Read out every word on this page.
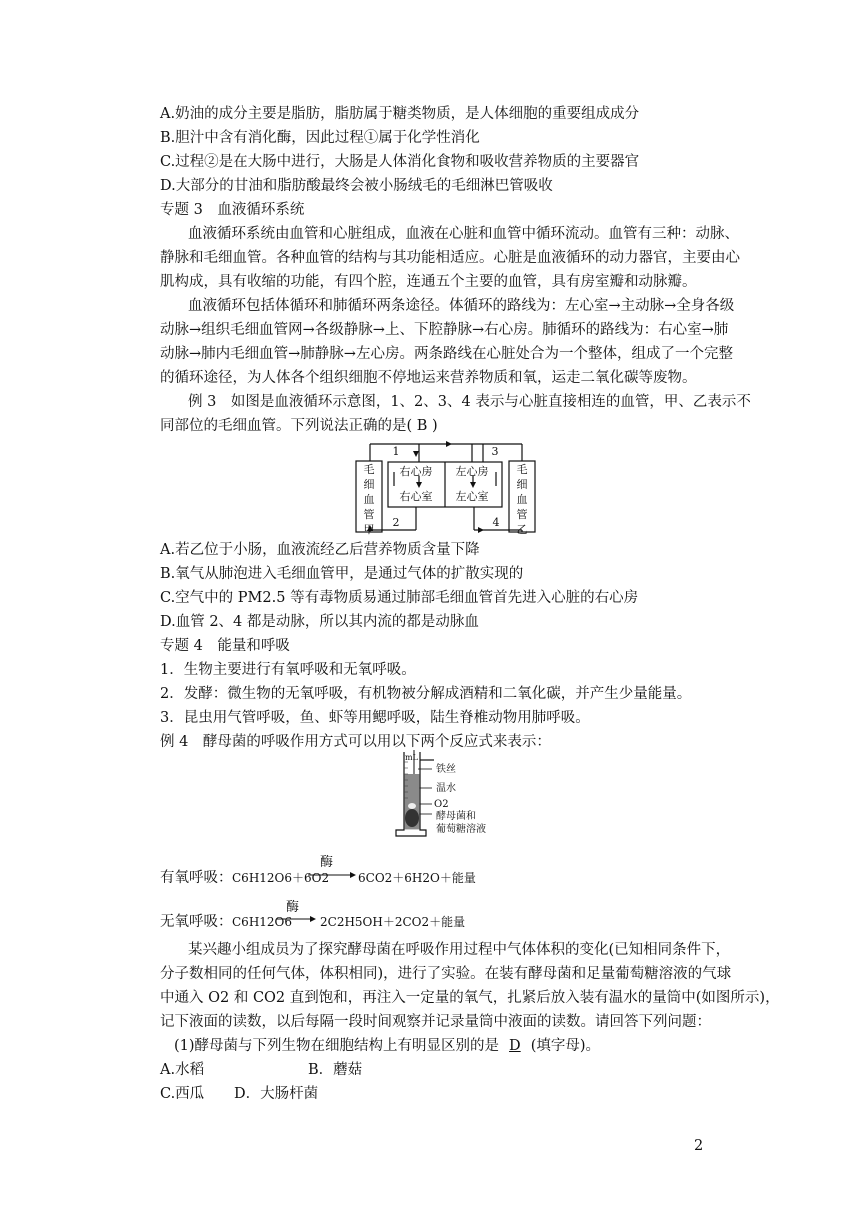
A.奶油的成分主要是脂肪，脂肪属于糖类物质，是人体细胞的重要组成成分
B.胆汁中含有消化酶，因此过程①属于化学性消化
C.过程②是在大肠中进行，大肠是人体消化食物和吸收营养物质的主要器官
D.大部分的甘油和脂肪酸最终会被小肠绒毛的毛细淋巴管吸收
专题 3　血液循环系统
血液循环系统由血管和心脏组成，血液在心脏和血管中循环流动。血管有三种：动脉、
静脉和毛细血管。各种血管的结构与其功能相适应。心脏是血液循环的动力器官，主要由心
肌构成，具有收缩的功能，有四个腔，连通五个主要的血管，具有房室瓣和动脉瓣。
血液循环包括体循环和肺循环两条途径。体循环的路线为：左心室→主动脉→全身各级
动脉→组织毛细血管网→各级静脉→上、下腔静脉→右心房。肺循环的路线为：右心室→肺
动脉→肺内毛细血管→肺静脉→左心房。两条路线在心脏处合为一个整体，组成了一个完整
的循环途径，为人体各个组织细胞不停地运来营养物质和氧，运走二氧化碳等废物。
例 3　如图是血液循环示意图，1、2、3、4 表示与心脏直接相连的血管，甲、乙表示不
同部位的毛细血管。下列说法正确的是( B )
毛
细
血
管
甲
毛
细
血
管
乙
右心房 左心房
右心室 左心室
1
2
3
4
A.若乙位于小肠，血液流经乙后营养物质含量下降
B.氧气从肺泡进入毛细血管甲，是通过气体的扩散实现的
C.空气中的 PM2.5 等有毒物质易通过肺部毛细血管首先进入心脏的右心房
D.血管 2、4 都是动脉，所以其内流的都是动脉血
专题 4　能量和呼吸
1．生物主要进行有氧呼吸和无氧呼吸。
2．发酵：微生物的无氧呼吸，有机物被分解成酒精和二氧化碳，并产生少量能量。
3．昆虫用气管呼吸，鱼、虾等用鳃呼吸，陆生脊椎动物用肺呼吸。
例 4　酵母菌的呼吸作用方式可以用以下两个反应式来表示：
mL
铁丝
温水
O2
酵母菌和
葡萄糖溶液
有氧呼吸： C6H12O6＋6O2
酶
→ 6CO2＋6H2O＋能量
无氧呼吸： C6H12O6
酶
→ 2C2H5OH＋2CO2＋能量
某兴趣小组成员为了探究酵母菌在呼吸作用过程中气体体积的变化(已知相同条件下，
分子数相同的任何气体，体积相同)，进行了实验。在装有酵母菌和足量葡萄糖溶液的气球
中通入 O2 和 CO2 直到饱和，再注入一定量的氧气，扎紧后放入装有温水的量筒中(如图所示)，
记下液面的读数，以后每隔一段时间观察并记录量筒中液面的读数。请回答下列问题：
(1)酵母菌与下列生物在细胞结构上有明显区别的是 D (填字母)。
A.水稻	B．蘑菇
C.西瓜 D．大肠杆菌
2
